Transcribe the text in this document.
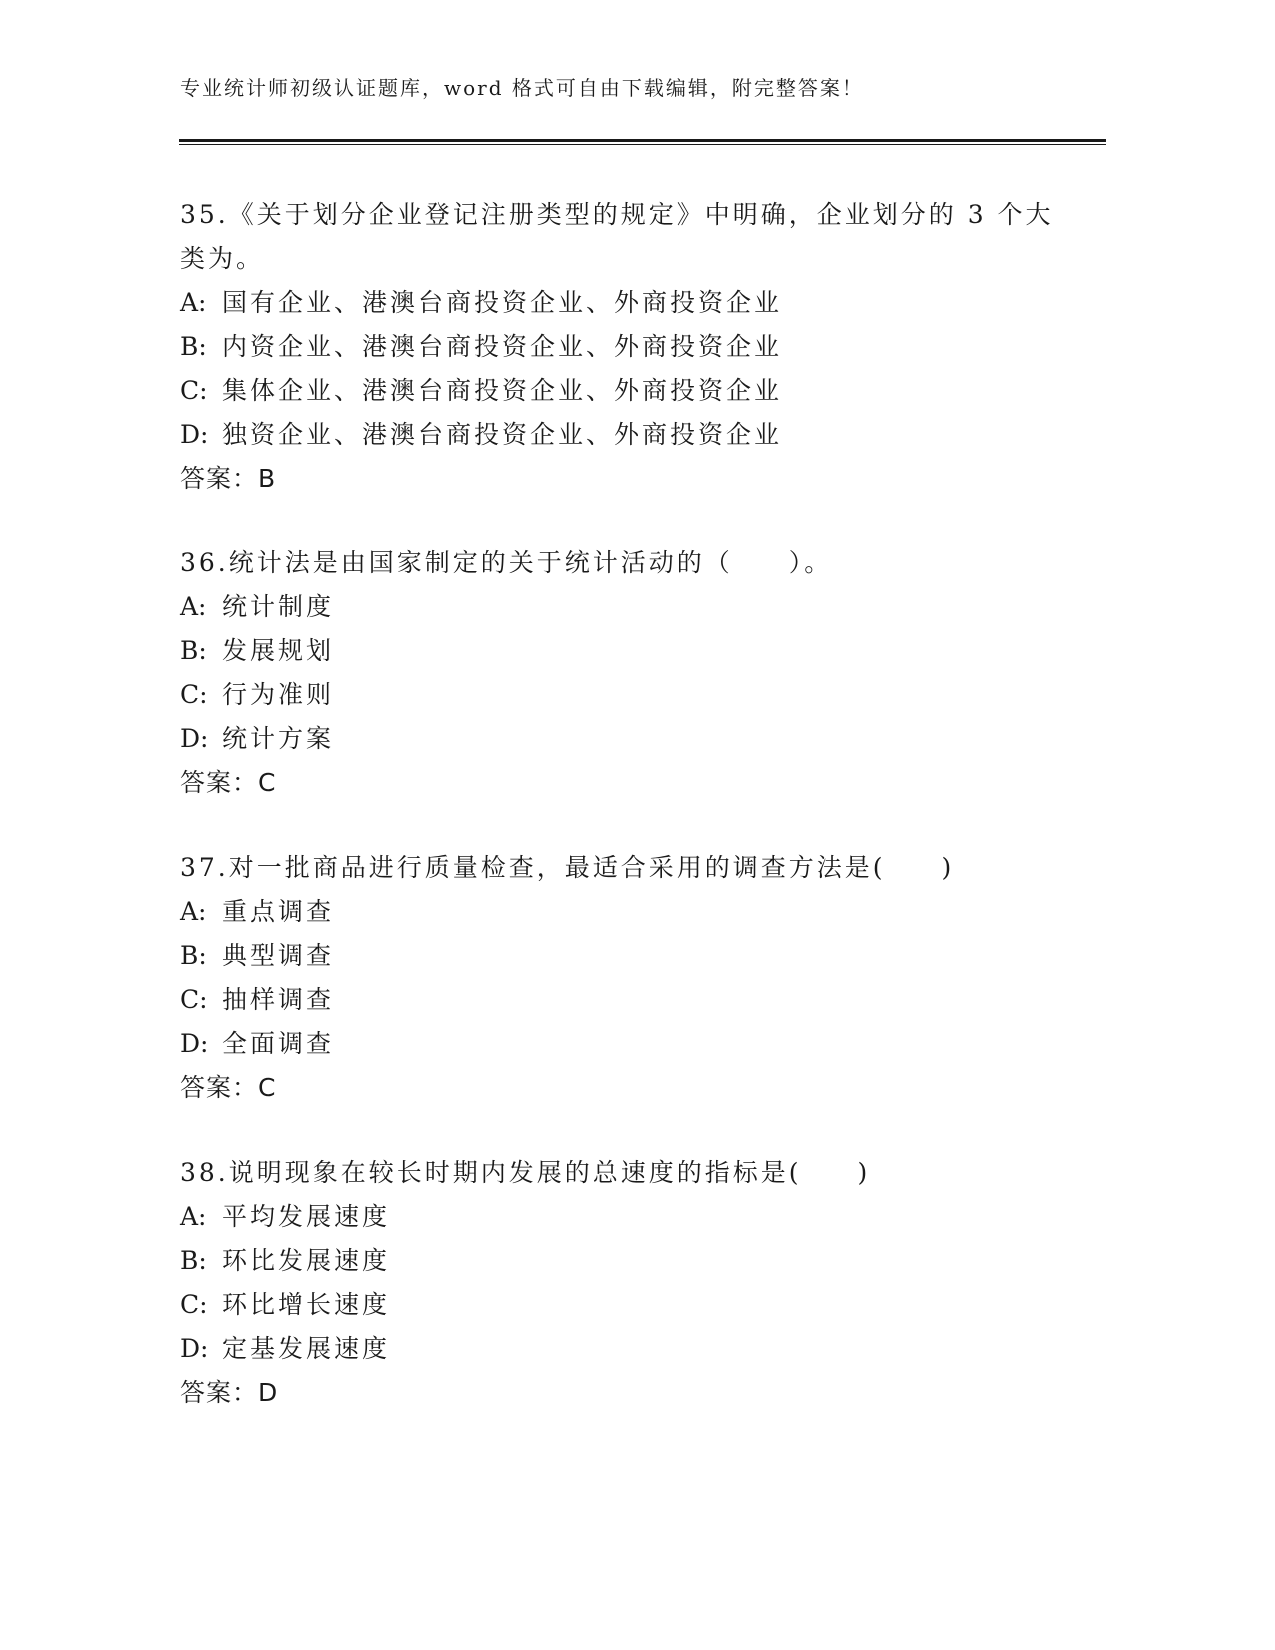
专业统计师初级认证题库，word 格式可自由下载编辑，附完整答案！

35.《关于划分企业登记注册类型的规定》中明确，企业划分的 3 个大类为。

A: 国有企业、港澳台商投资企业、外商投资企业
B: 内资企业、港澳台商投资企业、外商投资企业
C: 集体企业、港澳台商投资企业、外商投资企业
D: 独资企业、港澳台商投资企业、外商投资企业
答案：B

36.统计法是由国家制定的关于统计活动的（　　）。

A: 统计制度
B: 发展规划
C: 行为准则
D: 统计方案
答案：C

37.对一批商品进行质量检查，最适合采用的调查方法是(　　)

A: 重点调查
B: 典型调查
C: 抽样调查
D: 全面调查
答案：C

38.说明现象在较长时期内发展的总速度的指标是(　　)

A: 平均发展速度
B: 环比发展速度
C: 环比增长速度
D: 定基发展速度
答案：D
